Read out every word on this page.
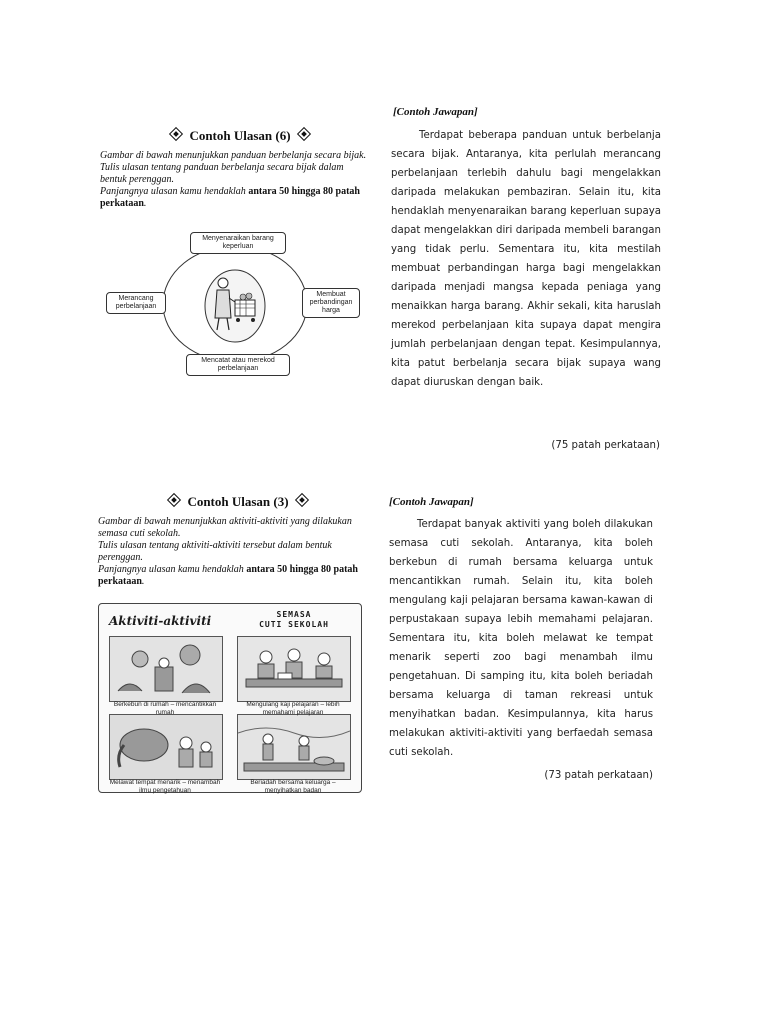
Contoh Ulasan (6)

Gambar di bawah menunjukkan panduan berbelanja secara bijak.

Tulis ulasan tentang panduan berbelanja secara bijak dalam bentuk perenggan.

Panjangnya ulasan kamu hendaklah antara 50 hingga 80 patah perkataan.

Menyenaraikan barang keperluan
Merancang perbelanjaan
Membuat perbandingan harga
Mencatat atau merekod perbelanjaan
[Contoh Jawapan]

Terdapat beberapa panduan untuk berbelanja secara bijak. Antaranya, kita perlulah merancang perbelanjaan terlebih dahulu bagi mengelakkan daripada melakukan pembaziran. Selain itu, kita hendaklah menyenaraikan barang keperluan supaya dapat mengelakkan diri daripada membeli barangan yang tidak perlu. Sementara itu, kita mestilah membuat perbandingan harga bagi mengelakkan daripada menjadi mangsa kepada peniaga yang menaikkan harga barang. Akhir sekali, kita haruslah merekod perbelanjaan kita supaya dapat mengira jumlah perbelanjaan dengan tepat. Kesimpulannya, kita patut berbelanja secara bijak supaya wang dapat diuruskan dengan baik.

(75 patah perkataan)
Contoh Ulasan (3)

Gambar di bawah menunjukkan aktiviti-aktiviti yang dilakukan semasa cuti sekolah.

Tulis ulasan tentang aktiviti-aktiviti tersebut dalam bentuk perenggan.

Panjangnya ulasan kamu hendaklah antara 50 hingga 80 patah perkataan.

Aktiviti-aktiviti	SEMASA
CUTI SEKOLAH
Berkebun di rumah – mencantikkan rumah
Mengulang kaji pelajaran – lebih memahami pelajaran
Melawat tempat menarik – menambah ilmu pengetahuan
Beriadah bersama keluarga – menyihatkan badan
[Contoh Jawapan]

Terdapat banyak aktiviti yang boleh dilakukan semasa cuti sekolah. Antaranya, kita boleh berkebun di rumah bersama keluarga untuk mencantikkan rumah. Selain itu, kita boleh mengulang kaji pelajaran bersama kawan-kawan di perpustakaan supaya lebih memahami pelajaran. Sementara itu, kita boleh melawat ke tempat menarik seperti zoo bagi menambah ilmu pengetahuan. Di samping itu, kita boleh beriadah bersama keluarga di taman rekreasi untuk menyihatkan badan. Kesimpulannya, kita harus melakukan aktiviti-aktiviti yang berfaedah semasa cuti sekolah.

(73 patah perkataan)
